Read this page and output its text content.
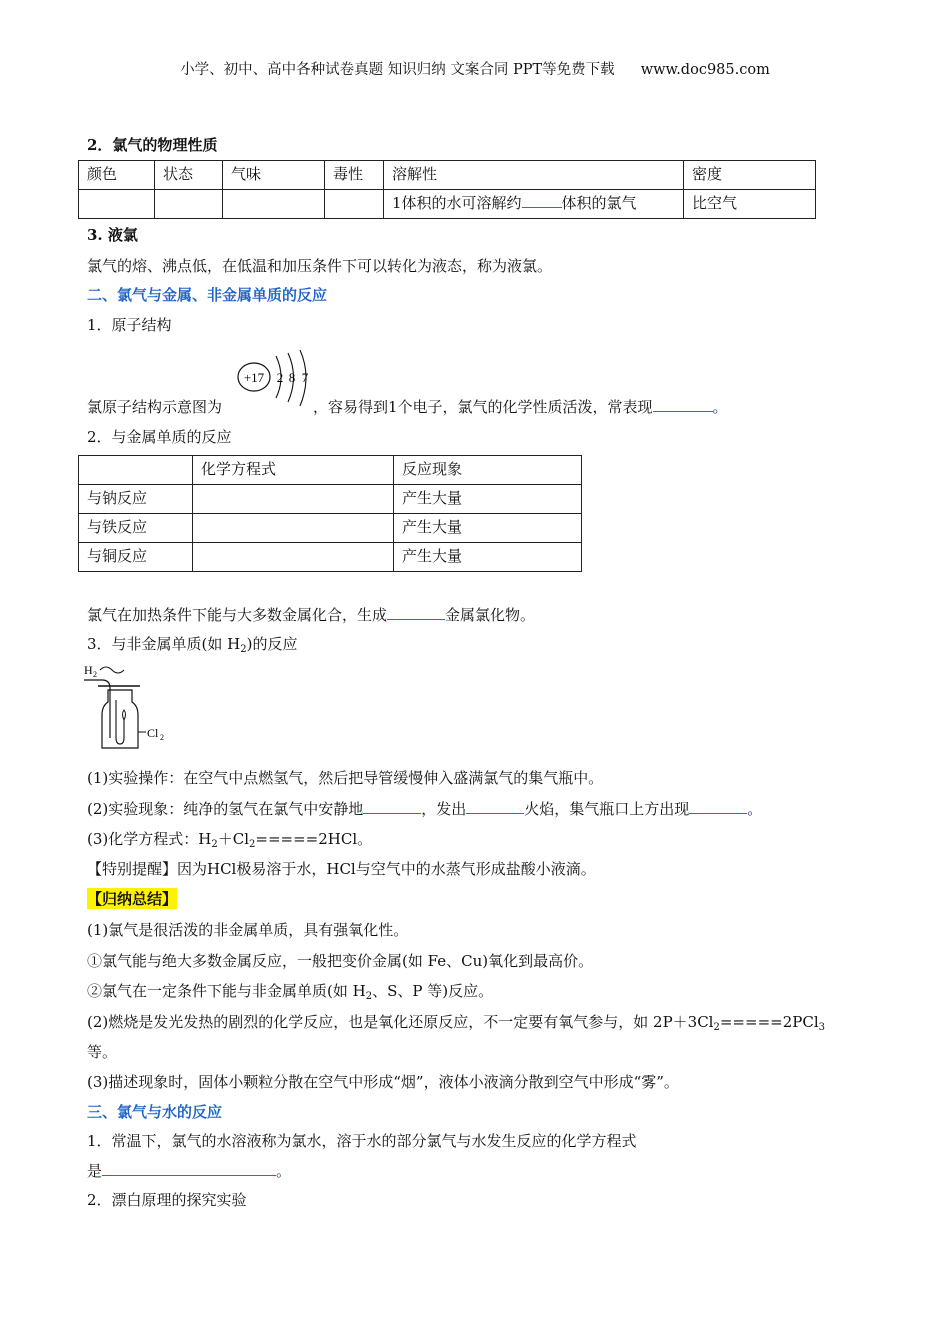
小学、初中、高中各种试卷真题 知识归纳 文案合同 PPT等免费下载 www.doc985.com
2．氯气的物理性质
颜色	状态	气味	毒性	溶解性	密度
				1体积的水可溶解约 体积的氯气	比空气
3. 液氯
氯气的熔、沸点低，在低温和加压条件下可以转化为液态，称为液氯。
二、氯气与金属、非金属单质的反应
1．原子结构
+17 2 8 7
氯原子结构示意图为	，容易得到1个电子，氯气的化学性质活泼，常表现	。
2．与金属单质的反应
	化学方程式	反应现象
与钠反应		产生大量
与铁反应		产生大量
与铜反应		产生大量
氯气在加热条件下能与大多数金属化合，生成	金属氯化物。
3．与非金属单质(如 $H_2$)的反应
H 2
Cl 2
(1)实验操作：在空气中点燃氢气，然后把导管缓慢伸入盛满氯气的集气瓶中。
(2)实验现象：纯净的氢气在氯气中安静地	，发出	火焰，集气瓶口上方出现	。
(3)化学方程式：$H_2+Cl_2=====2HCl$。
【特别提醒】因为HCl极易溶于水，HCl与空气中的水蒸气形成盐酸小液滴。
【归纳总结】
(1)氯气是很活泼的非金属单质，具有强氧化性。
①氯气能与绝大多数金属反应，一般把变价金属(如 Fe、Cu)氧化到最高价。
②氯气在一定条件下能与非金属单质(如 $H_2$、S、P 等)反应。
(2)燃烧是发光发热的剧烈的化学反应，也是氧化还原反应，不一定要有氧气参与，如 $2P+3Cl_2=====2PCl_3$
等。
(3)描述现象时，固体小颗粒分散在空气中形成“烟”，液体小液滴分散到空气中形成“雾”。
三、氯气与水的反应
1．常温下，氯气的水溶液称为氯水，溶于水的部分氯气与水发生反应的化学方程式
是	。
2．漂白原理的探究实验
